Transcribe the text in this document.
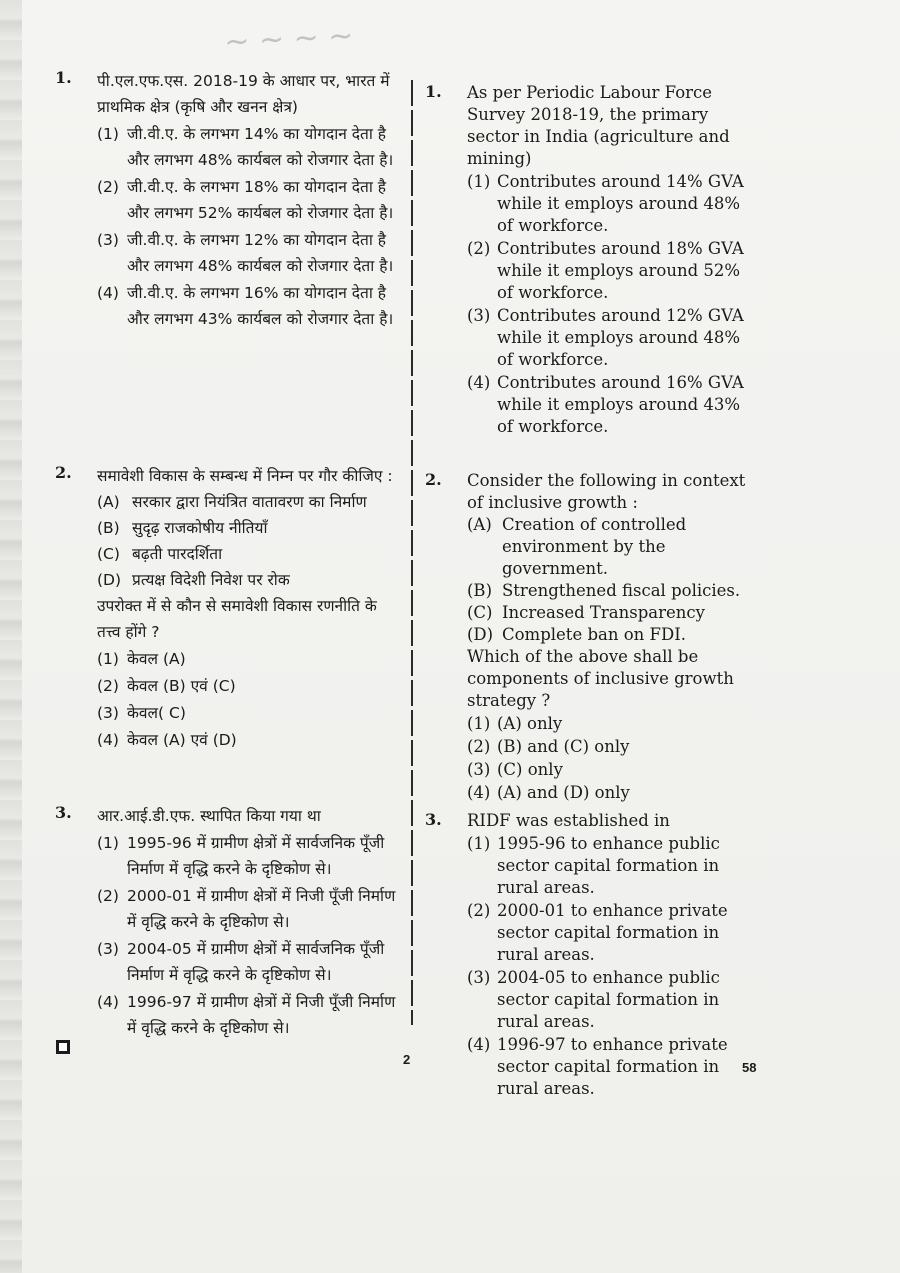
~ ~ ~ ~
1. पी.एल.एफ.एस. 2018-19 के आधार पर, भारत में प्राथमिक क्षेत्र (कृषि और खनन क्षेत्र)
(1) जी.वी.ए. के लगभग 14% का योगदान देता है और लगभग 48% कार्यबल को रोजगार देता है।
(2) जी.वी.ए. के लगभग 18% का योगदान देता है और लगभग 52% कार्यबल को रोजगार देता है।
(3) जी.वी.ए. के लगभग 12% का योगदान देता है और लगभग 48% कार्यबल को रोजगार देता है।
(4) जी.वी.ए. के लगभग 16% का योगदान देता है और लगभग 43% कार्यबल को रोजगार देता है।
2. समावेशी विकास के सम्बन्ध में निम्न पर गौर कीजिए :
(A) सरकार द्वारा नियंत्रित वातावरण का निर्माण
(B) सुदृढ़ राजकोषीय नीतियाँ
(C) बढ़ती पारदर्शिता
(D) प्रत्यक्ष विदेशी निवेश पर रोक
उपरोक्त में से कौन से समावेशी विकास रणनीति के तत्त्व होंगे ?
(1) केवल (A)
(2) केवल (B) एवं (C)
(3) केवल( C)
(4) केवल (A) एवं (D)
3. आर.आई.डी.एफ. स्थापित किया गया था
(1) 1995-96 में ग्रामीण क्षेत्रों में सार्वजनिक पूँजी निर्माण में वृद्धि करने के दृष्टिकोण से।
(2) 2000-01 में ग्रामीण क्षेत्रों में निजी पूँजी निर्माण में वृद्धि करने के दृष्टिकोण से।
(3) 2004-05 में ग्रामीण क्षेत्रों में सार्वजनिक पूँजी निर्माण में वृद्धि करने के दृष्टिकोण से।
(4) 1996-97 में ग्रामीण क्षेत्रों में निजी पूँजी निर्माण में वृद्धि करने के दृष्टिकोण से।
1. As per Periodic Labour Force Survey 2018-19, the primary sector in India (agriculture and mining)
(1) Contributes around 14% GVA while it employs around 48% of workforce.
(2) Contributes around 18% GVA while it employs around 52% of workforce.
(3) Contributes around 12% GVA while it employs around 48% of workforce.
(4) Contributes around 16% GVA while it employs around 43% of workforce.
2. Consider the following in context of inclusive growth :
(A) Creation of controlled environment by the government.
(B) Strengthened fiscal policies.
(C) Increased Transparency
(D) Complete ban on FDI.
Which of the above shall be components of inclusive growth strategy ?
(1) (A) only
(2) (B) and (C) only
(3) (C) only
(4) (A) and (D) only
3. RIDF was established in
(1) 1995-96 to enhance public sector capital formation in rural areas.
(2) 2000-01 to enhance private sector capital formation in rural areas.
(3) 2004-05 to enhance public sector capital formation in rural areas.
(4) 1996-97 to enhance private sector capital formation in rural areas.
2
58
